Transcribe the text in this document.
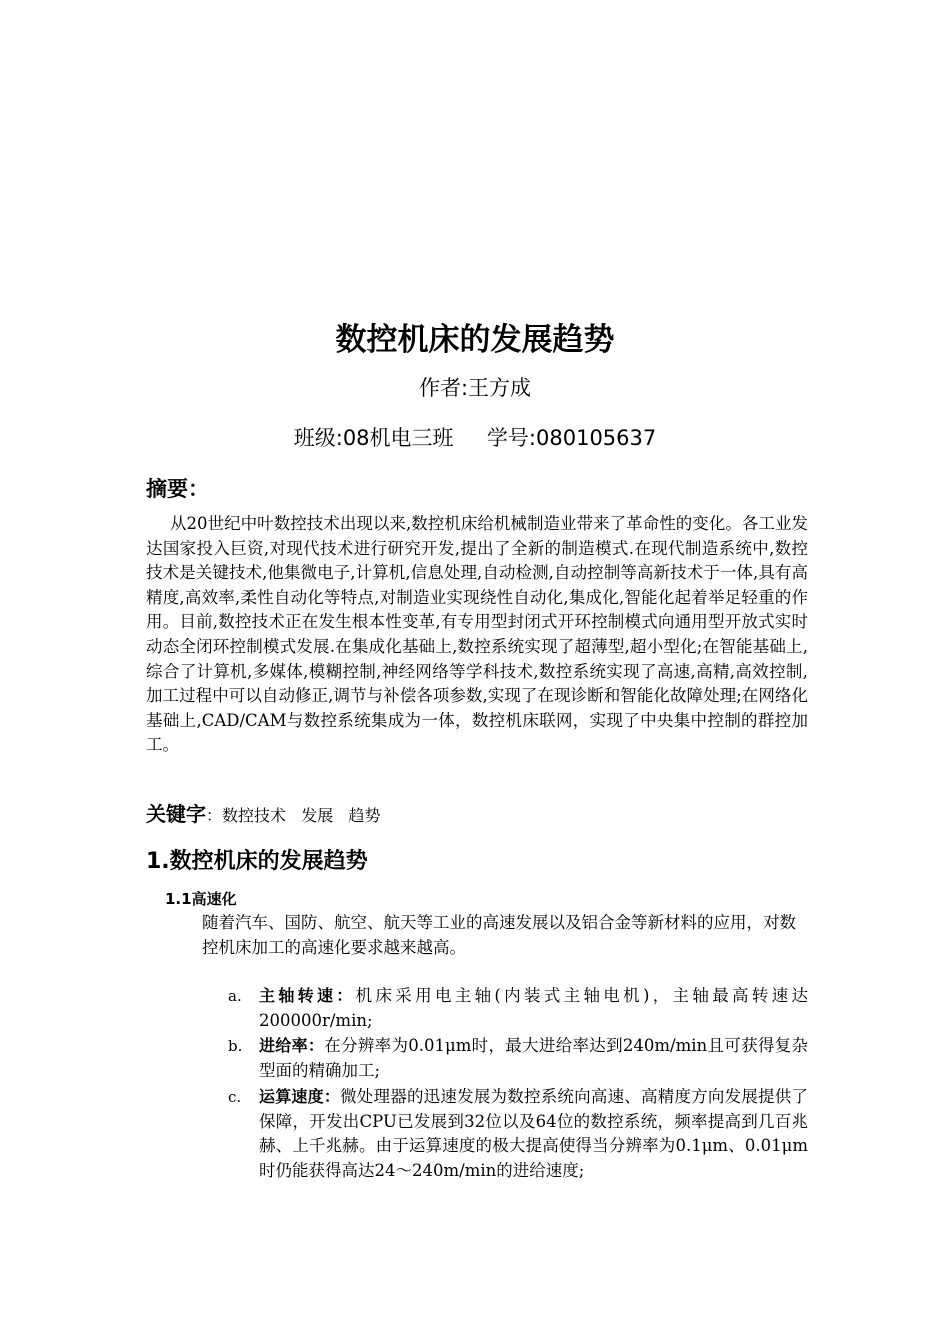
数控机床的发展趋势
作者:王方成
班级:08机电三班     学号:080105637
摘要：

从20世纪中叶数控技术出现以来,数控机床给机械制造业带来了革命性的变化。各工业发达国家投入巨资,对现代技术进行研究开发,提出了全新的制造模式.在现代制造系统中,数控技术是关键技术,他集微电子,计算机,信息处理,自动检测,自动控制等高新技术于一体,具有高精度,高效率,柔性自动化等特点,对制造业实现绕性自动化,集成化,智能化起着举足轻重的作用。目前,数控技术正在发生根本性变革,有专用型封闭式开环控制模式向通用型开放式实时动态全闭环控制模式发展.在集成化基础上,数控系统实现了超薄型,超小型化;在智能基础上,综合了计算机,多媒体,模糊控制,神经网络等学科技术,数控系统实现了高速,高精,高效控制,加工过程中可以自动修正,调节与补偿各项参数,实现了在现诊断和智能化故障处理;在网络化基础上,CAD/CAM与数控系统集成为一体，数控机床联网，实现了中央集中控制的群控加工。

关键字：数控技术   发展   趋势
1.数控机床的发展趋势
1.1高速化

随着汽车、国防、航空、航天等工业的高速发展以及铝合金等新材料的应用，对数控机床加工的高速化要求越来越高。

a. 主轴转速：机床采用电主轴(内装式主轴电机)，主轴最高转速达200000r/min;
b. 进给率：在分辨率为0.01μm时，最大进给率达到240m/min且可获得复杂型面的精确加工;
c. 运算速度：微处理器的迅速发展为数控系统向高速、高精度方向发展提供了保障，开发出CPU已发展到32位以及64位的数控系统，频率提高到几百兆赫、上千兆赫。由于运算速度的极大提高使得当分辨率为0.1μm、0.01μm时仍能获得高达24～240m/min的进给速度;
